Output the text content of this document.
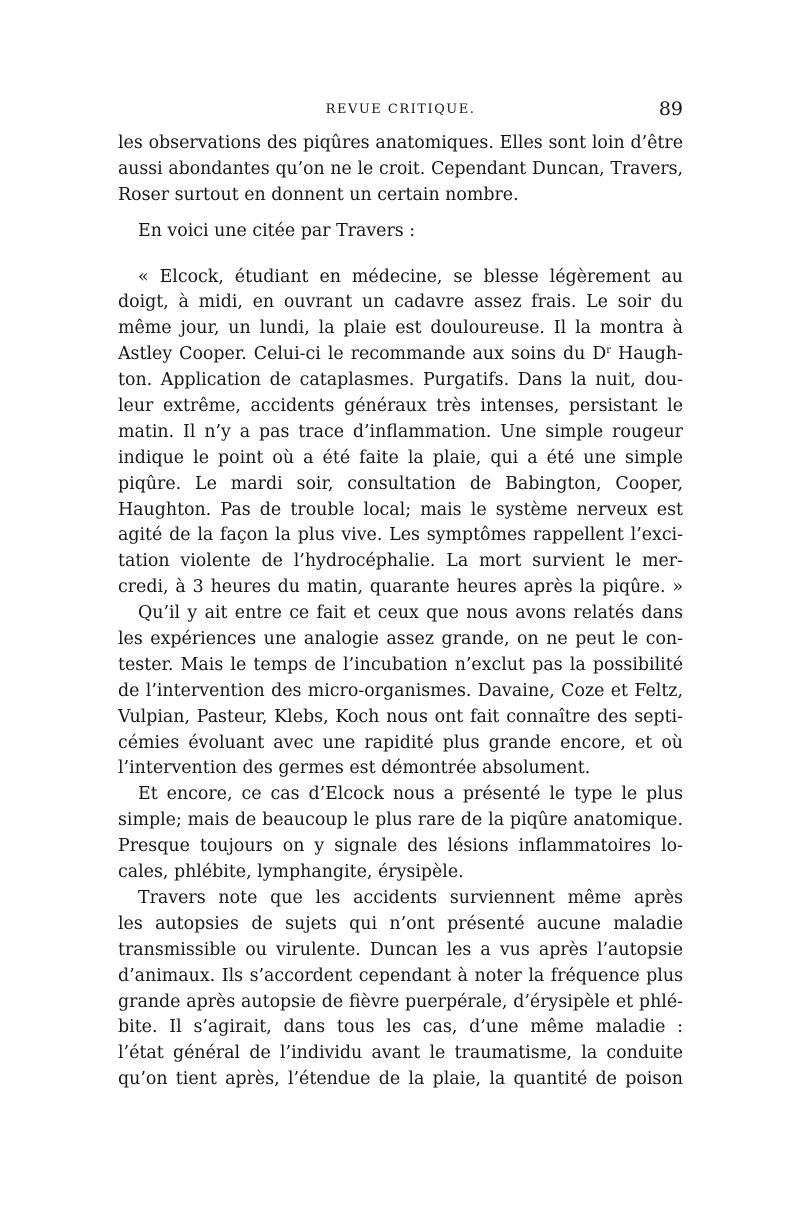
REVUE CRITIQUE.	89
les observations des piqûres anatomiques. Elles sont loin d’être
aussi abondantes qu’on ne le croit. Cependant Duncan, Travers,
Roser surtout en donnent un certain nombre.
En voici une citée par Travers :
« Elcock, étudiant en médecine, se blesse légèrement au
doigt, à midi, en ouvrant un cadavre assez frais. Le soir du
même jour, un lundi, la plaie est douloureuse. Il la montra à
Astley Cooper. Celui-ci le recommande aux soins du $D^r$ Haugh-
ton. Application de cataplasmes. Purgatifs. Dans la nuit, dou-
leur extrême, accidents généraux très intenses, persistant le
matin. Il n’y a pas trace d’inflammation. Une simple rougeur
indique le point où a été faite la plaie, qui a été une simple
piqûre. Le mardi soir, consultation de Babington, Cooper,
Haughton. Pas de trouble local; mais le système nerveux est
agité de la façon la plus vive. Les symptômes rappellent l’exci-
tation violente de l’hydrocéphalie. La mort survient le mer-
credi, à 3 heures du matin, quarante heures après la piqûre. »
Qu’il y ait entre ce fait et ceux que nous avons relatés dans
les expériences une analogie assez grande, on ne peut le con-
tester. Mais le temps de l’incubation n’exclut pas la possibilité
de l’intervention des micro-organismes. Davaine, Coze et Feltz,
Vulpian, Pasteur, Klebs, Koch nous ont fait connaître des septi-
cémies évoluant avec une rapidité plus grande encore, et où
l’intervention des germes est démontrée absolument.
Et encore, ce cas d’Elcock nous a présenté le type le plus
simple; mais de beaucoup le plus rare de la piqûre anatomique.
Presque toujours on y signale des lésions inflammatoires lo-
cales, phlébite, lymphangite, érysipèle.
Travers note que les accidents surviennent même après
les autopsies de sujets qui n’ont présenté aucune maladie
transmissible ou virulente. Duncan les a vus après l’autopsie
d’animaux. Ils s’accordent cependant à noter la fréquence plus
grande après autopsie de fièvre puerpérale, d’érysipèle et phlé-
bite. Il s’agirait, dans tous les cas, d’une même maladie :
l’état général de l’individu avant le traumatisme, la conduite
qu’on tient après, l’étendue de la plaie, la quantité de poison
